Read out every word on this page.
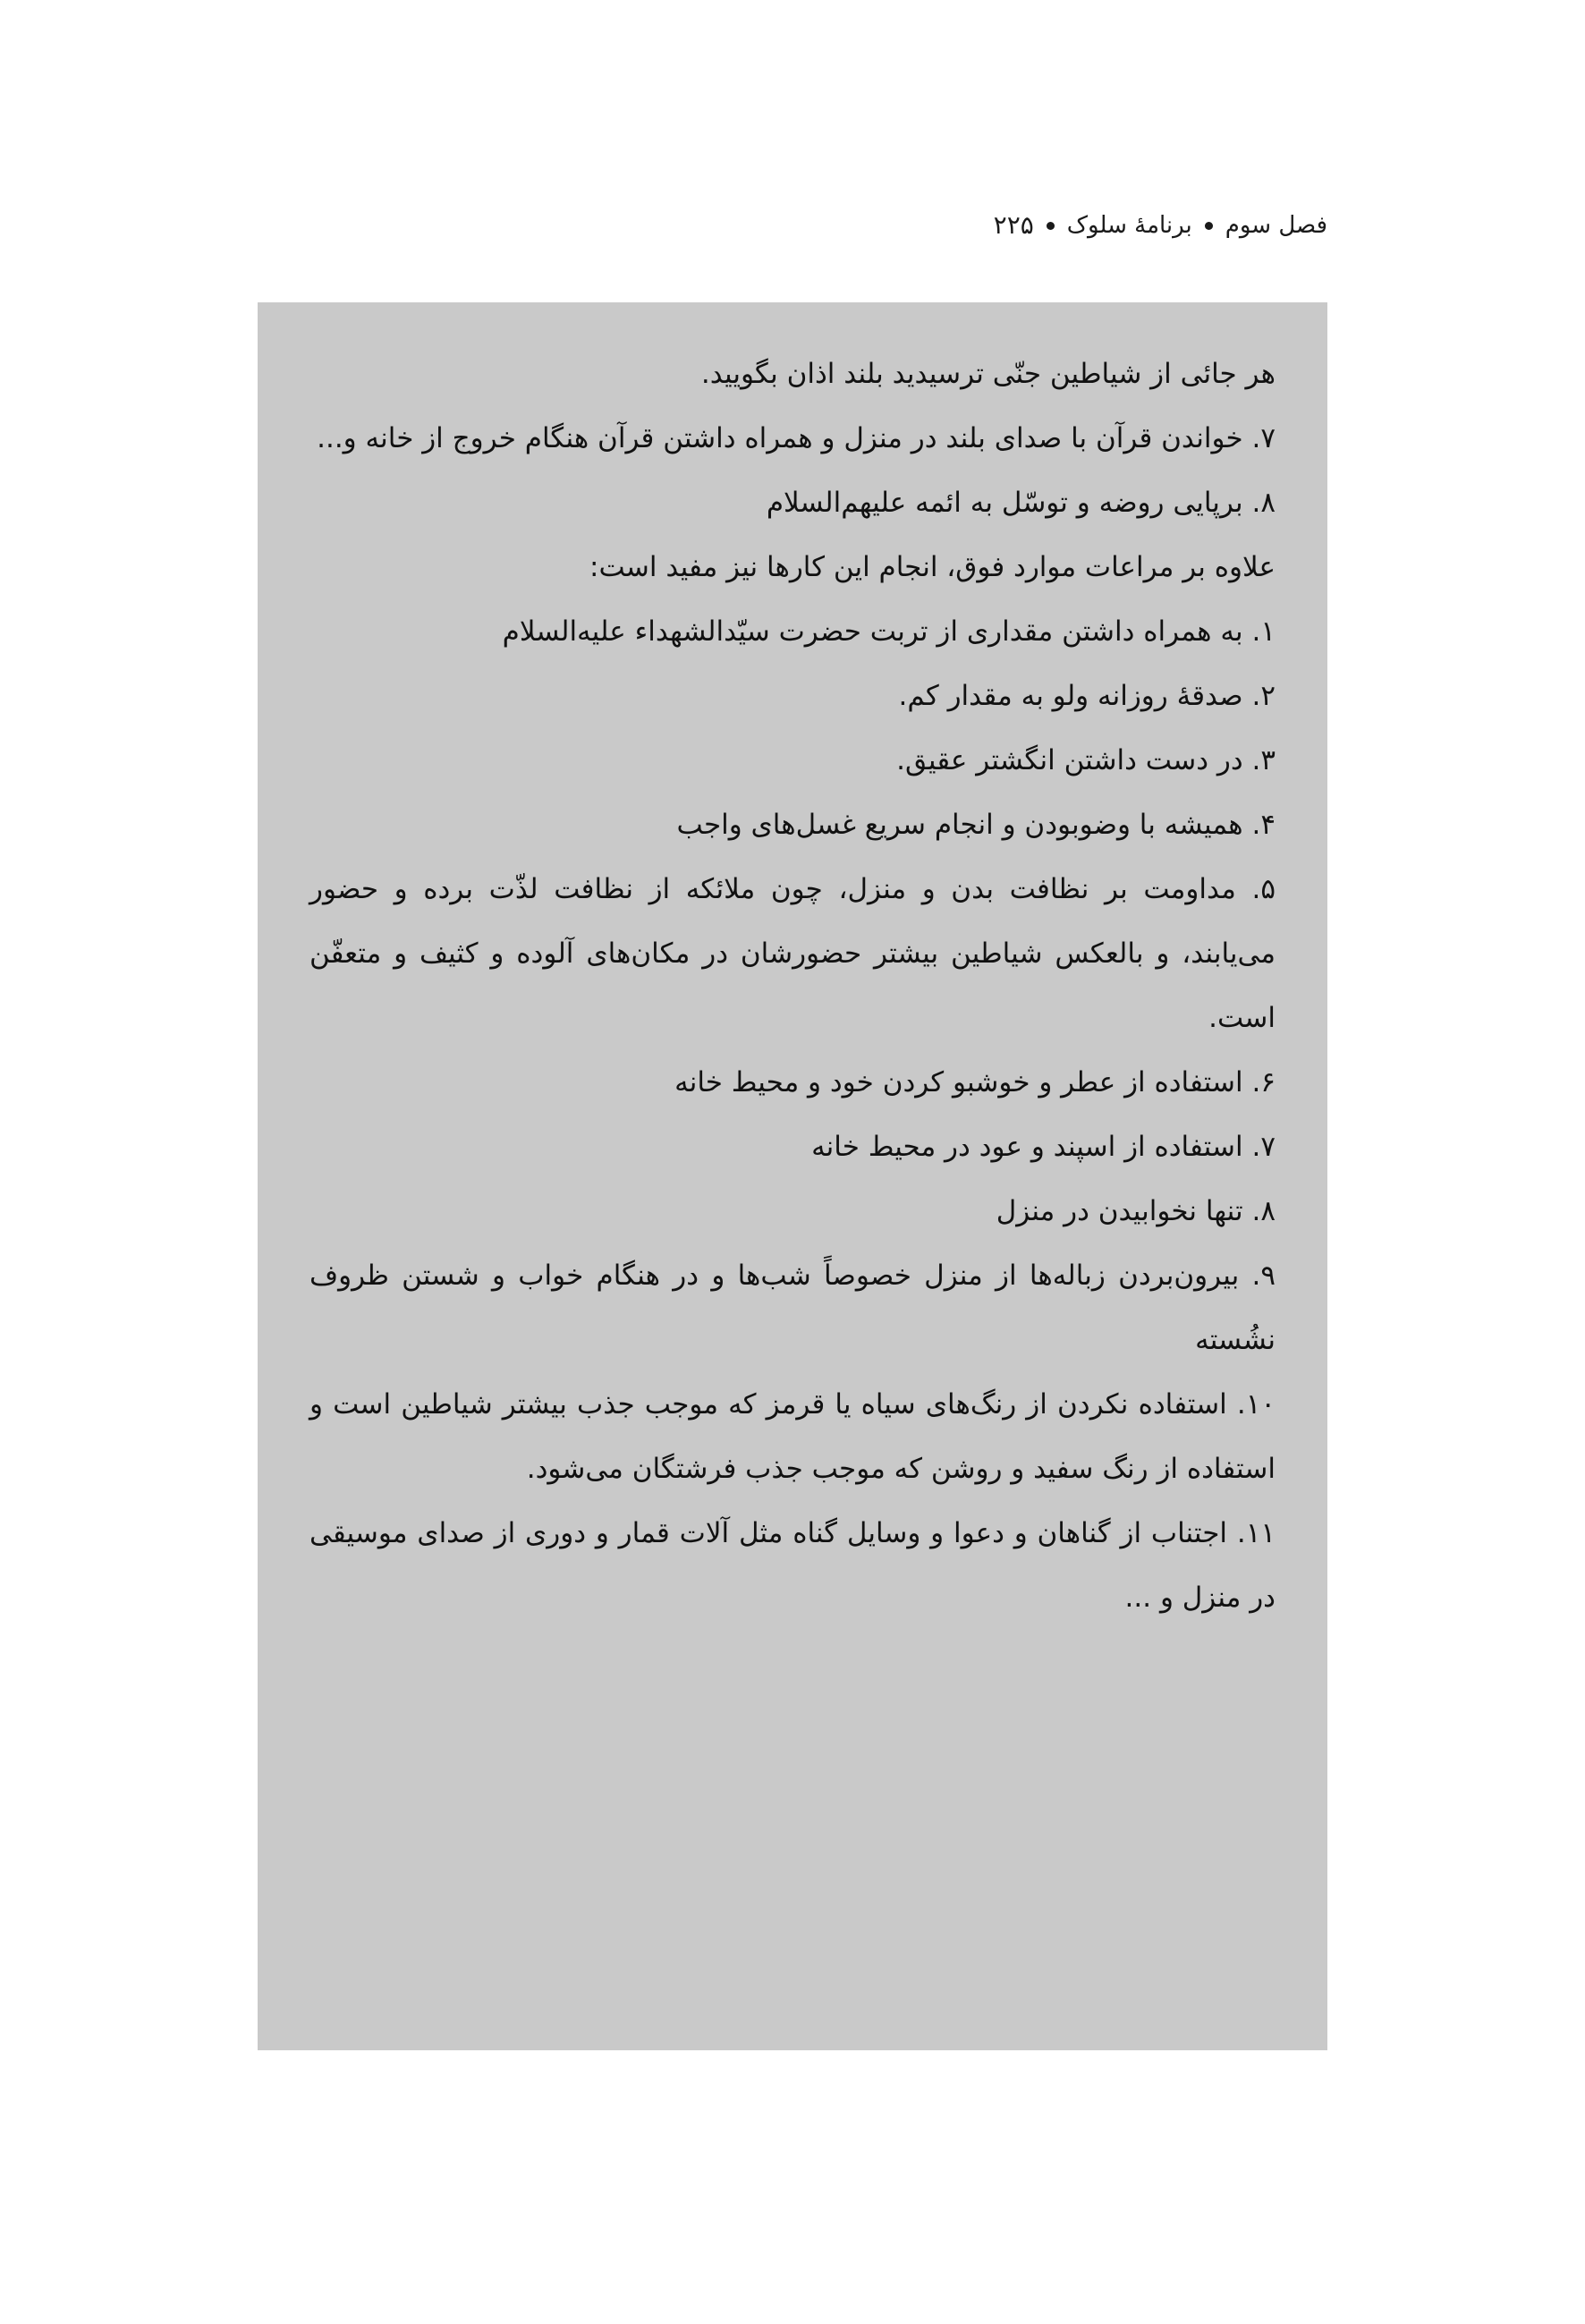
فصل سوم
برنامهٔ سلوک
۲۲۵

هر جائی از شیاطین جنّی ترسیدید بلند اذان بگویید.

۷. خواندن قرآن با صدای بلند در منزل و همراه داشتن قرآن هنگام خروج از خانه و...

۸. برپایی روضه و توسّل به ائمه علیهم‌السلام

علاوه بر مراعات موارد فوق، انجام این کارها نیز مفید است:

۱. به همراه داشتن مقداری از تربت حضرت سیّدالشهداء علیه‌السلام

۲. صدقهٔ روزانه ولو به مقدار کم.

۳. در دست داشتن انگشتر عقیق.

۴. همیشه با وضوبودن و انجام سریع غسل‌های واجب

۵. مداومت بر نظافت بدن و منزل، چون ملائکه از نظافت لذّت برده و حضور می‌یابند، و بالعکس شیاطین بیشتر حضورشان در مکان‌های آلوده و کثیف و متعفّن است.

۶. استفاده از عطر و خوشبو کردن خود و محیط خانه

۷. استفاده از اسپند و عود در محیط خانه

۸. تنها نخوابیدن در منزل

۹. بیرون‌بردن زباله‌ها از منزل خصوصاً شب‌ها و در هنگام خواب و شستن ظروف نشُسته

۱۰. استفاده نکردن از رنگ‌های سیاه یا قرمز که موجب جذب بیشتر شیاطین است و استفاده از رنگ سفید و روشن که موجب جذب فرشتگان می‌شود.

۱۱. اجتناب از گناهان و دعوا و وسایل گناه مثل آلات قمار و دوری از صدای موسیقی در منزل و ...
